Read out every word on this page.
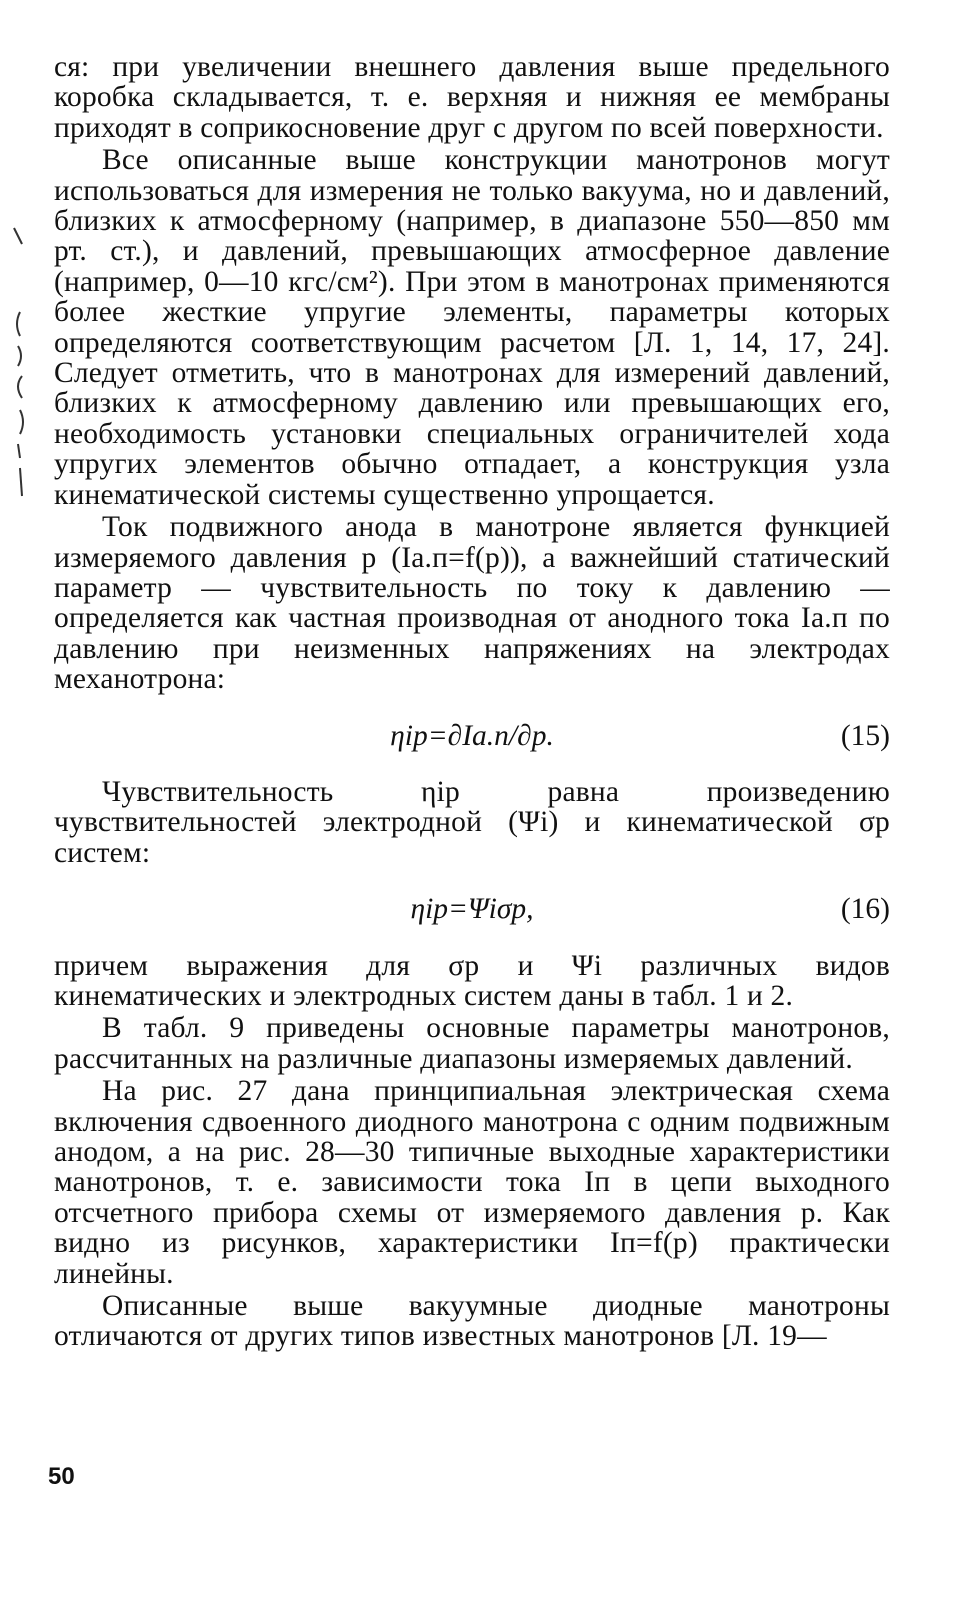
ся: при увеличении внешнего давления выше предельного коробка складывается, т. е. верхняя и нижняя ее мембраны приходят в соприкосновение друг с другом по всей поверхности.

Все описанные выше конструкции манотронов могут использоваться для измерения не только вакуума, но и давлений, близких к атмосферному (например, в диапазоне 550—850 мм рт. ст.), и давлений, превышающих атмосферное давление (например, 0—10 кгс/см²). При этом в манотронах применяются более жесткие упругие элементы, параметры которых определяются соответствующим расчетом [Л. 1, 14, 17, 24]. Следует отметить, что в манотронах для измерений давлений, близких к атмосферному давлению или превышающих его, необходимость установки специальных ограничителей хода упругих элементов обычно отпадает, а конструкция узла кинематической системы существенно упрощается.

Ток подвижного анода в манотроне является функцией измеряемого давления p (Iа.п=f(p)), а важнейший статический параметр — чувствительность по току к давлению — определяется как частная производная от анодного тока Iа.п по давлению при неизменных напряжениях на электродах механотрона:

ηip=∂Iа.п/∂p.	(15)

Чувствительность ηip равна произведению чувствительностей электродной (Ψi) и кинематической σp систем:

ηip=Ψiσp,	(16)

причем выражения для σp и Ψi различных видов кинематических и электродных систем даны в табл. 1 и 2.

В табл. 9 приведены основные параметры манотронов, рассчитанных на различные диапазоны измеряемых давлений.

На рис. 27 дана принципиальная электрическая схема включения сдвоенного диодного манотрона с одним подвижным анодом, а на рис. 28—30 типичные выходные характеристики манотронов, т. е. зависимости тока Iп в цепи выходного отсчетного прибора схемы от измеряемого давления p. Как видно из рисунков, характеристики Iп=f(p) практически линейны.

Описанные выше вакуумные диодные манотроны отличаются от других типов известных манотронов [Л. 19—

50
